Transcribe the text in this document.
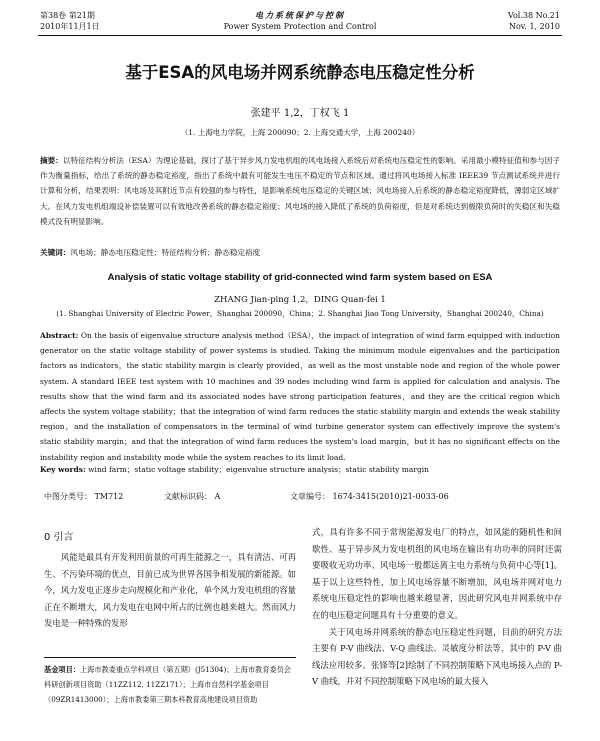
第38卷 第21期
2010年11月1日
电力系统保护与控制
Power System Protection and Control
Vol.38 No.21
Nov. 1, 2010
基于ESA的风电场并网系统静态电压稳定性分析
张建平 1,2，丁权飞 1
（1. 上海电力学院，上海 200090；2. 上海交通大学，上海 200240）
摘要：以特征结构分析法（ESA）为理论基础，探讨了基于异步风力发电机组的风电场接入系统后对系统电压稳定性的影响。采用最小模特征值和参与因子作为衡量指标，给出了系统的静态稳定裕度，指出了系统中最有可能发生电压不稳定的节点和区域。通过将风电场接入标准 IEEE39 节点测试系统并进行计算和分析，结果表明：风电场及其附近节点有较强的参与特性，是影响系统电压稳定的关键区域；风电场接入后系统的静态稳定裕度降低，薄弱定区域扩大。在风力发电机组端设补偿装置可以有效地改善系统的静态稳定裕度；风电场的接入降低了系统的负荷裕度，但是对系统达到极限负荷时的失稳区和失稳模式没有明显影响。
关键词：风电场；静态电压稳定性；特征结构分析；静态稳定裕度
Analysis of static voltage stability of grid-connected wind farm system based on ESA
ZHANG Jian-ping 1,2，DING Quan-fei 1
(1. Shanghai University of Electric Power，Shanghai 200090，China；2. Shanghai Jiao Tong University，Shanghai 200240，China)
Abstract: On the basis of eigenvalue structure analysis method（ESA），the impact of integration of wind farm equipped with induction generator on the static voltage stability of power systems is studied. Taking the minimum module eigenvalues and the participation factors as indicators，the static stability margin is clearly provided，as well as the most unstable node and region of the whole power system. A standard IEEE test system with 10 machines and 39 nodes including wind farm is applied for calculation and analysis. The results show that the wind farm and its associated nodes have strong participation features，and they are the critical region which affects the system voltage stability；that the integration of wind farm reduces the static stability margin and extends the weak stability region，and the installation of compensators in the terminal of wind turbine generator system can effectively improve the system's static stability margin；and that the integration of wind farm reduces the system's load margin，but it has no significant effects on the instability region and instability mode while the system reaches to its limit load.
Key words: wind farm；static voltage stability；eigenvalue structure analysis；static stability margin
中图分类号： TM712	文献标识码： A	文章编号： 1674-3415(2010)21-0033-06
0 引言

风能是最具有开发利用前景的可再生能源之一，具有清洁、可再生、不污染环境的优点，目前已成为世界各国争相发展的新能源。如今，风力发电正逐步走向规模化和产业化，单个风力发电机组的容量正在不断增大，风力发电在电网中所占的比例也越来越大。然而风力发电是一种特殊的发形

式，具有许多不同于常规能源发电厂的特点，如风能的随机性和间歇性、基于异步风力发电机组的风电场在输出有功功率的同时还需要吸收无功功率、风电场一般都远离主电力系统与负荷中心等[1]。基于以上这些特性，加上风电场容量不断增加，风电场并网对电力系统电压稳定性的影响也越来越显著，因此研究风电并网系统中存在的电压稳定问题具有十分重要的意义。

关于风电场并网系统的静态电压稳定性问题，目前的研究方法主要有 P-V 曲线法、V-Q 曲线法、灵敏度分析法等，其中的 P-V 曲线法应用较多。张锋等[2]绘制了不同控制策略下风电场接入点的 P-V 曲线，并对不同控制策略下风电场的最大接入

基金项目：上海市教委重点学科项目（第五期）(J51304)；上海市教育委员会科研创新项目资助（11ZZ112, 11ZZ171）；上海市自然科学基金项目（09ZR1413000）；上海市教委第三期本科教育高地建设项目资助
